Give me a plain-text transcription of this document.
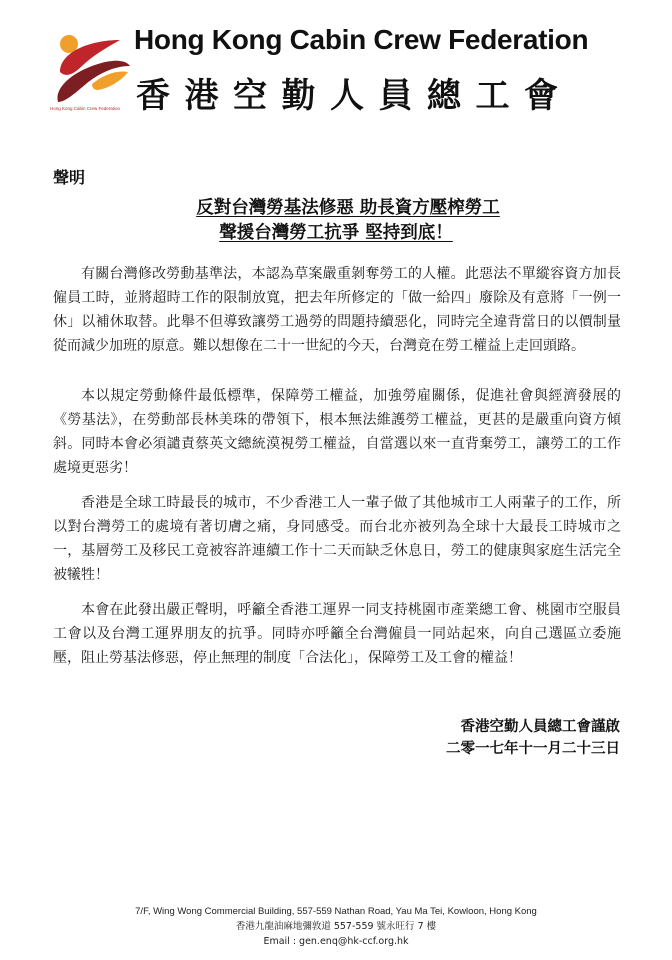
Hong Kong Cabin Crew Federation
Hong Kong Cabin Crew Federation
香港空勤人員總工會
聲明
反對台灣勞基法修惡 助長資方壓榨勞工
聲援台灣勞工抗爭 堅持到底！

有關台灣修改勞動基準法，本認為草案嚴重剝奪勞工的人權。此惡法不單縱容資方加長僱員工時，並將超時工作的限制放寬，把去年所修定的「做一給四」廢除及有意將「一例一休」以補休取替。此舉不但導致讓勞工過勞的問題持續惡化，同時完全違背當日的以價制量從而減少加班的原意。難以想像在二十一世紀的今天，台灣竟在勞工權益上走回頭路。

本以規定勞動條件最低標準，保障勞工權益，加強勞雇關係，促進社會與經濟發展的《勞基法》，在勞動部長林美珠的帶領下，根本無法維護勞工權益，更甚的是嚴重向資方傾斜。同時本會必須譴責蔡英文總統漠視勞工權益，自當選以來一直背棄勞工，讓勞工的工作處境更惡劣！

香港是全球工時最長的城市，不少香港工人一輩子做了其他城市工人兩輩子的工作，所以對台灣勞工的處境有著切膚之痛，身同感受。而台北亦被列為全球十大最長工時城市之一，基層勞工及移民工竟被容許連續工作十二天而缺乏休息日，勞工的健康與家庭生活完全被犧牲！

本會在此發出嚴正聲明，呼籲全香港工運界一同支持桃園市產業總工會、桃園市空服員工會以及台灣工運界朋友的抗爭。同時亦呼籲全台灣僱員一同站起來，向自己選區立委施壓，阻止勞基法修惡，停止無理的制度「合法化」，保障勞工及工會的權益！

香港空勤人員總工會謹啟
二零一七年十一月二十三日
7/F, Wing Wong Commercial Building, 557-559 Nathan Road, Yau Ma Tei, Kowloon, Hong Kong
香港九龍油麻地彌敦道 557-559 號永旺行 7 樓
Email : gen.enq@hk-ccf.org.hk
